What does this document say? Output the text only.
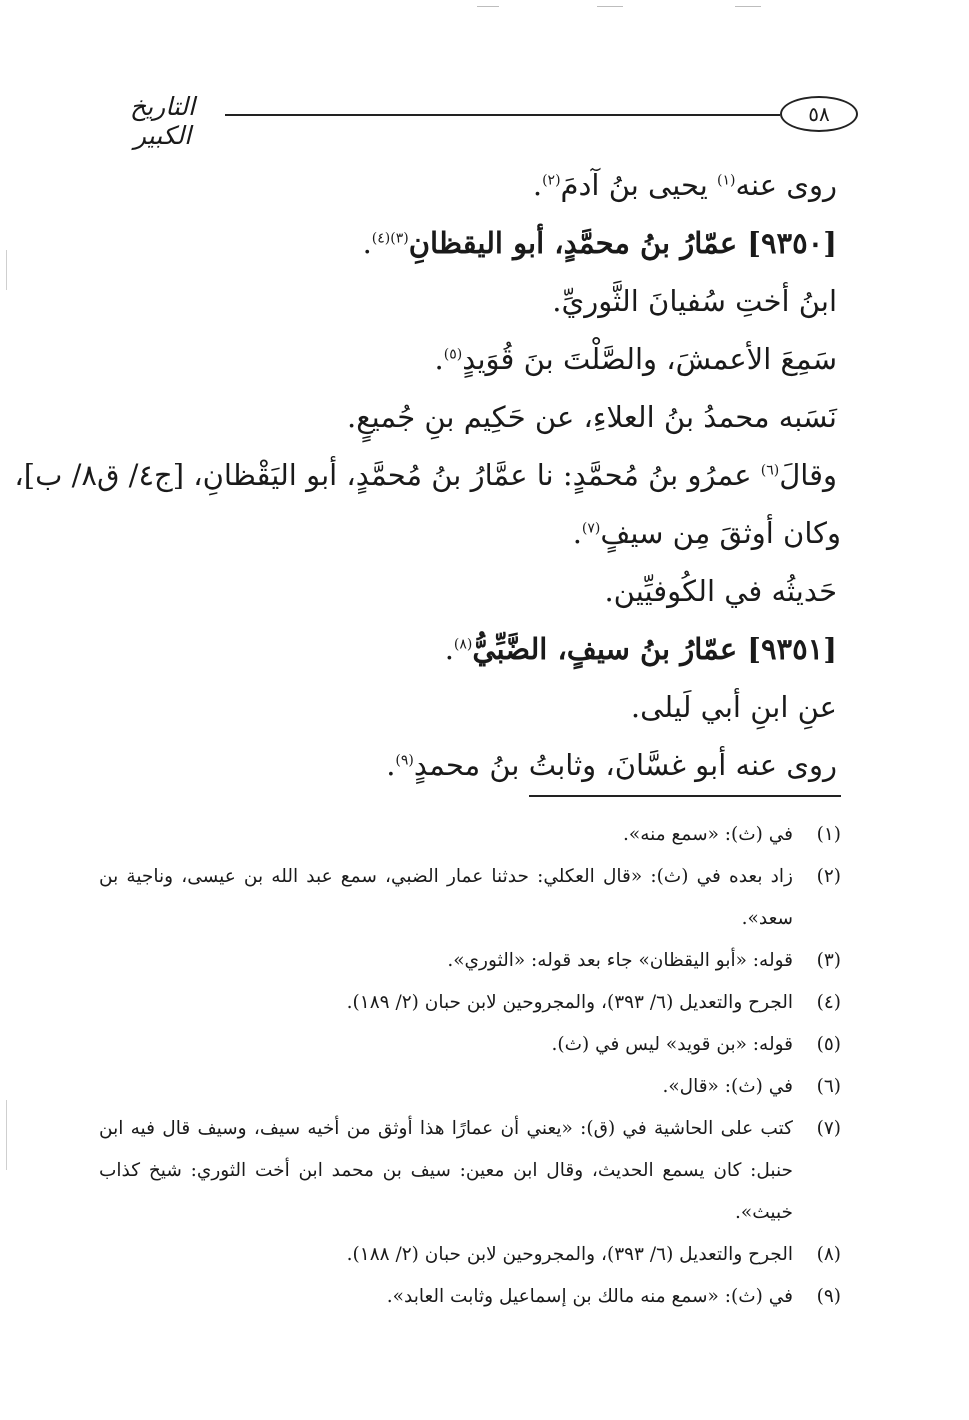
٥٨
التاريخ الكبير
روى عنه$^{(١)}$ يحيى بنُ آدمَ$^{(٢)}$.
[٩٣٥٠] عمّارُ بنُ محمَّدٍ، أبو اليقظانِ$^{(٣)(٤)}$.
ابنُ أختِ سُفيانَ الثَّوريِّ.
سَمِعَ الأعمشَ، والصَّلْتَ بنَ قُوَيدٍ$^{(٥)}$.
نَسَبه محمدُ بنُ العلاءِ، عن حَكِيم بنِ جُميعٍ.
وقالَ$^{(٦)}$ عمرُو بنُ مُحمَّدٍ: نا عمَّارُ بنُ مُحمَّدٍ، أبو اليَقْظانِ، [ج٤/ ق٨/ ب]،
وكان أوثقَ مِن سيفٍ$^{(٧)}$.
حَديثُه في الكُوفيِّين.
[٩٣٥١] عمّارُ بنُ سيفٍ، الضَّبِّيُّ$^{(٨)}$.
عنِ ابنِ أبي لَيلى.
روى عنه أبو غسَّانَ، وثابتُ بنُ محمدٍ$^{(٩)}$.
(١)
في (ث): «سمع منه».
(٢)
زاد بعده في (ث): «قال العكلي: حدثنا عمار الضبي، سمع عبد الله بن عيسى، وناجية بن سعد».
(٣)
قوله: «أبو اليقظان» جاء بعد قوله: «الثوري».
(٤)
الجرح والتعديل (٦/ ٣٩٣)، والمجروحين لابن حبان (٢/ ١٨٩).
(٥)
قوله: «بن قويد» ليس في (ث).
(٦)
في (ث): «قال».
(٧)
كتب على الحاشية في (ق): «يعني أن عمارًا هذا أوثق من أخيه سيف، وسيف قال فيه ابن حنبل: كان يسمع الحديث، وقال ابن معين: سيف بن محمد ابن أخت الثوري: شيخ كذاب خبيث».
(٨)
الجرح والتعديل (٦/ ٣٩٣)، والمجروحين لابن حبان (٢/ ١٨٨).
(٩)
في (ث): «سمع منه مالك بن إسماعيل وثابت العابد».
